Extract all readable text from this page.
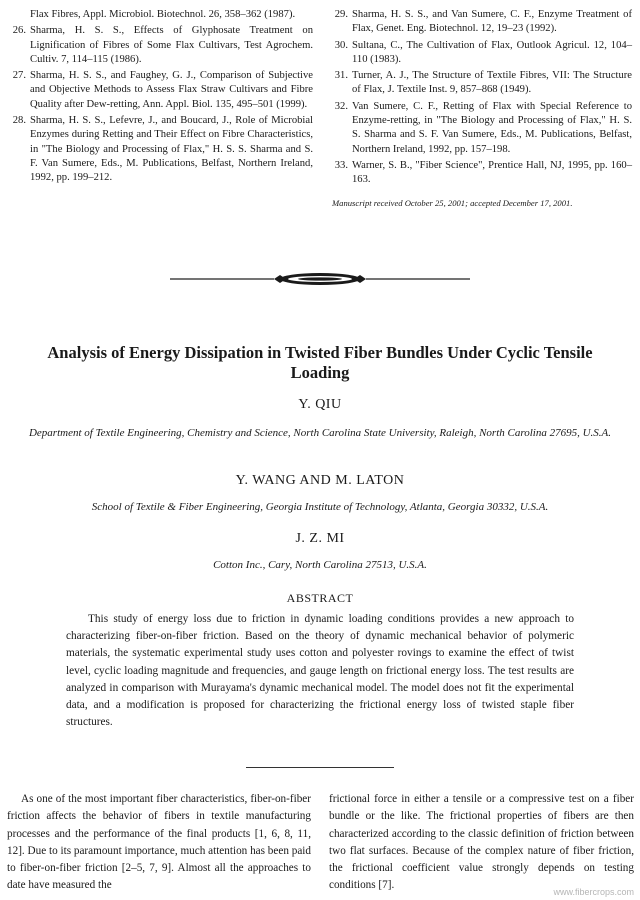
Flax Fibres, Appl. Microbiol. Biotechnol. 26, 358–362 (1987).
26. Sharma, H. S. S., Effects of Glyphosate Treatment on Lignification of Fibres of Some Flax Cultivars, Test Agrochem. Cultiv. 7, 114–115 (1986).
27. Sharma, H. S. S., and Faughey, G. J., Comparison of Subjective and Objective Methods to Assess Flax Straw Cultivars and Fibre Quality after Dew-retting, Ann. Appl. Biol. 135, 495–501 (1999).
28. Sharma, H. S. S., Lefevre, J., and Boucard, J., Role of Microbial Enzymes during Retting and Their Effect on Fibre Characteristics, in "The Biology and Processing of Flax," H. S. S. Sharma and S. F. Van Sumere, Eds., M. Publications, Belfast, Northern Ireland, 1992, pp. 199–212.
29. Sharma, H. S. S., and Van Sumere, C. F., Enzyme Treatment of Flax, Genet. Eng. Biotechnol. 12, 19–23 (1992).
30. Sultana, C., The Cultivation of Flax, Outlook Agricul. 12, 104–110 (1983).
31. Turner, A. J., The Structure of Textile Fibres, VII: The Structure of Flax, J. Textile Inst. 9, 857–868 (1949).
32. Van Sumere, C. F., Retting of Flax with Special Reference to Enzyme-retting, in "The Biology and Processing of Flax," H. S. S. Sharma and S. F. Van Sumere, Eds., M. Publications, Belfast, Northern Ireland, 1992, pp. 157–198.
33. Warner, S. B., "Fiber Science", Prentice Hall, NJ, 1995, pp. 160–163.
Manuscript received October 25, 2001; accepted December 17, 2001.
Analysis of Energy Dissipation in Twisted Fiber Bundles Under Cyclic Tensile Loading
Y. QIU
Department of Textile Engineering, Chemistry and Science, North Carolina State University, Raleigh, North Carolina 27695, U.S.A.
Y. WANG AND M. LATON
School of Textile & Fiber Engineering, Georgia Institute of Technology, Atlanta, Georgia 30332, U.S.A.
J. Z. MI
Cotton Inc., Cary, North Carolina 27513, U.S.A.
ABSTRACT
This study of energy loss due to friction in dynamic loading conditions provides a new approach to characterizing fiber-on-fiber friction. Based on the theory of dynamic mechanical behavior of polymeric materials, the systematic experimental study uses cotton and polyester rovings to examine the effect of twist level, cyclic loading magnitude and frequencies, and gauge length on frictional energy loss. The test results are analyzed in comparison with Murayama's dynamic mechanical model. The model does not fit the experimental data, and a modification is proposed for characterizing the frictional energy loss of twisted staple fiber structures.
As one of the most important fiber characteristics, fiber-on-fiber friction affects the behavior of fibers in textile manufacturing processes and the performance of the final products [1, 6, 8, 11, 12]. Due to its paramount importance, much attention has been paid to fiber-on-fiber friction [2–5, 7, 9]. Almost all the approaches to date have measured the
frictional force in either a tensile or a compressive test on a fiber bundle or the like. The frictional properties of fibers are then characterized according to the classic definition of friction between two flat surfaces. Because of the complex nature of fiber friction, the frictional coefficient value strongly depends on testing conditions [7].
www.fibercrops.com
